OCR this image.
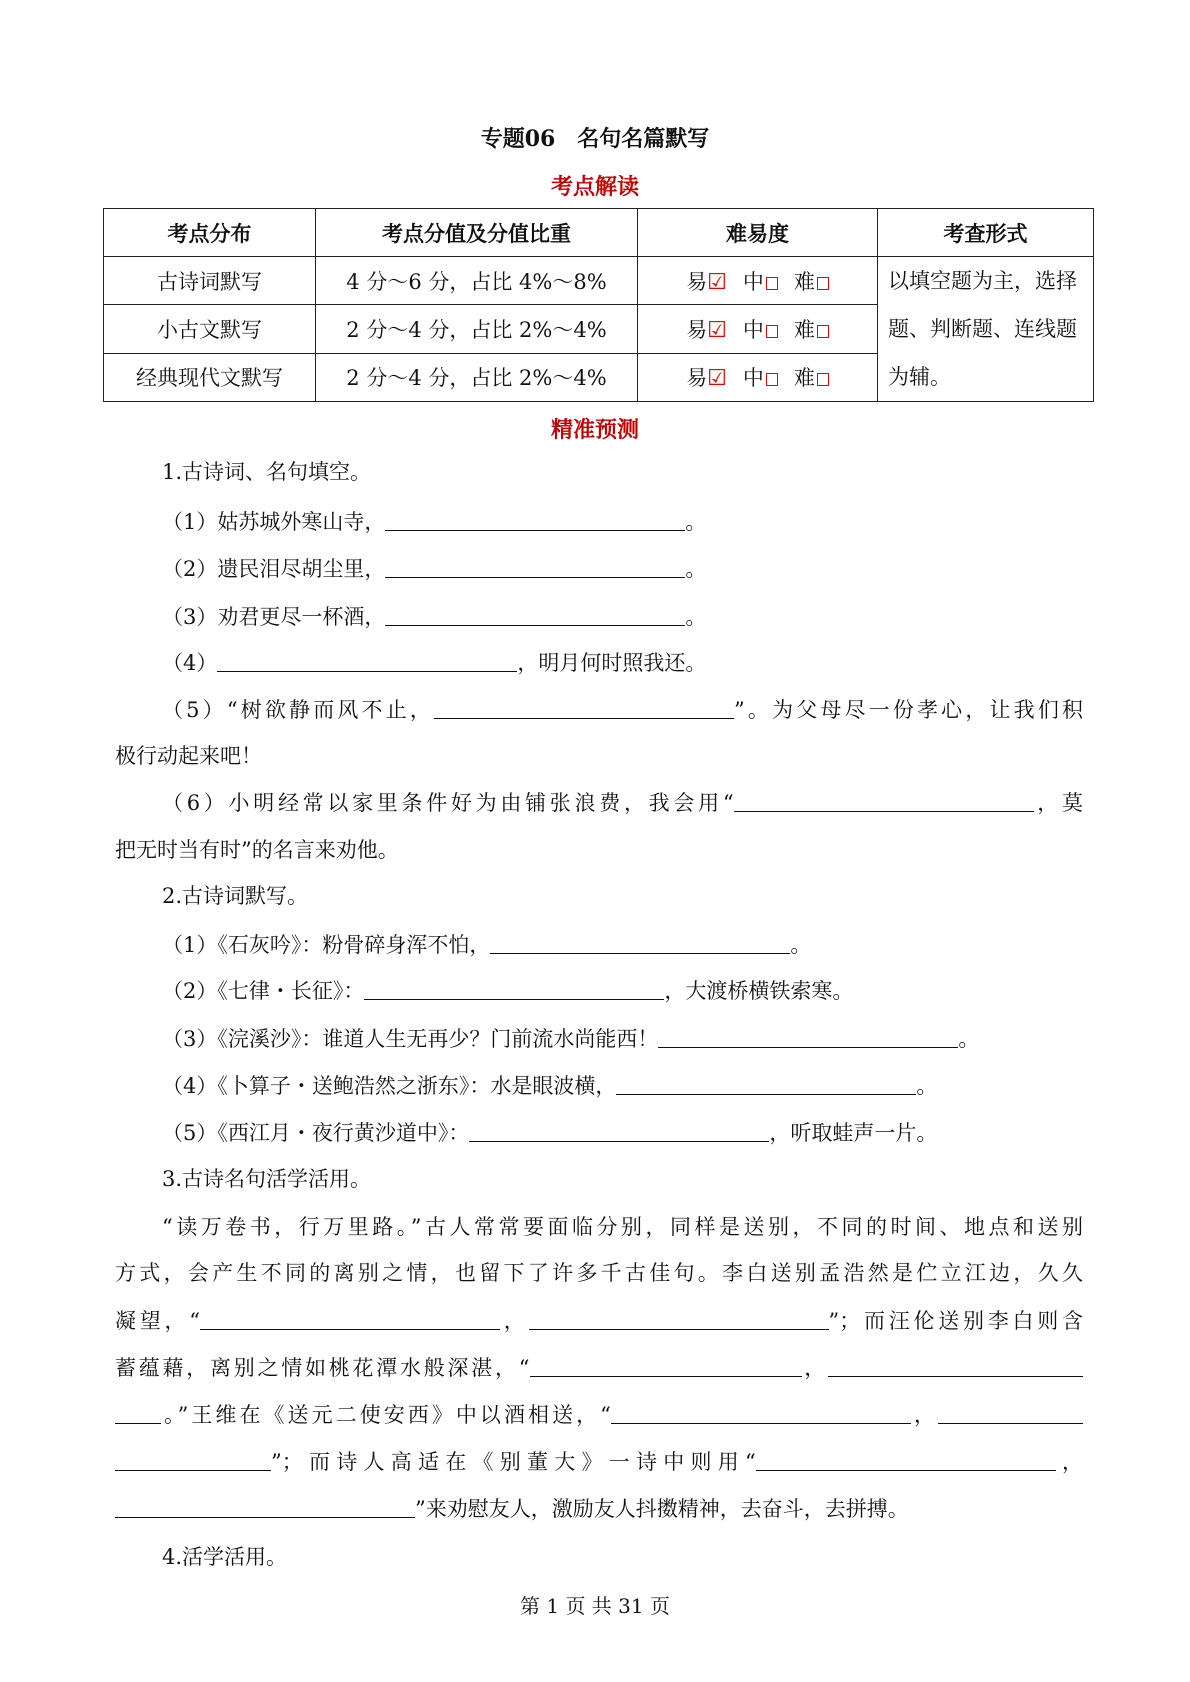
专题06　名句名篇默写
考点解读
考点分布	考点分值及分值比重	难易度	考查形式
古诗词默写	4 分～6 分，占比 4%～8%	易☑ 中 难	以填空题为主，选择题、判断题、连线题为辅。
小古文默写	2 分～4 分，占比 2%～4%	易☑ 中 难	
经典现代文默写	2 分～4 分，占比 2%～4%	易☑ 中 难	
精准预测
1.古诗词、名句填空。
（1）姑苏城外寒山寺，	。
（2）遗民泪尽胡尘里，	。
（3）劝君更尽一杯酒，	。
（4）	，明月何时照我还。
（5）“树欲静而风不止，	”。为父母尽一份孝心，让我们积
极行动起来吧！
（6）小明经常以家里条件好为由铺张浪费，我会用“	，莫
把无时当有时”的名言来劝他。
2.古诗词默写。
（1）《石灰吟》：粉骨碎身浑不怕，	。
（2）《七律・长征》：	，大渡桥横铁索寒。
（3）《浣溪沙》：谁道人生无再少？门前流水尚能西！	。
（4）《卜算子・送鲍浩然之浙东》：水是眼波横，	。
（5）《西江月・夜行黄沙道中》：	，听取蛙声一片。
3.古诗名句活学活用。
“读万卷书，行万里路。”古人常常要面临分别，同样是送别，不同的时间、地点和送别
方式，会产生不同的离别之情，也留下了许多千古佳句。李白送别孟浩然是伫立江边，久久
凝望，“	，	”；而汪伦送别李白则含
蓄蕴藉，离别之情如桃花潭水般深湛，“	，
。”王维在《送元二使安西》中以酒相送，“	，
”；而诗人高适在《别董大》一诗中则用“	，
”来劝慰友人，激励友人抖擞精神，去奋斗，去拼搏。
4.活学活用。
第 1 页 共 31 页
